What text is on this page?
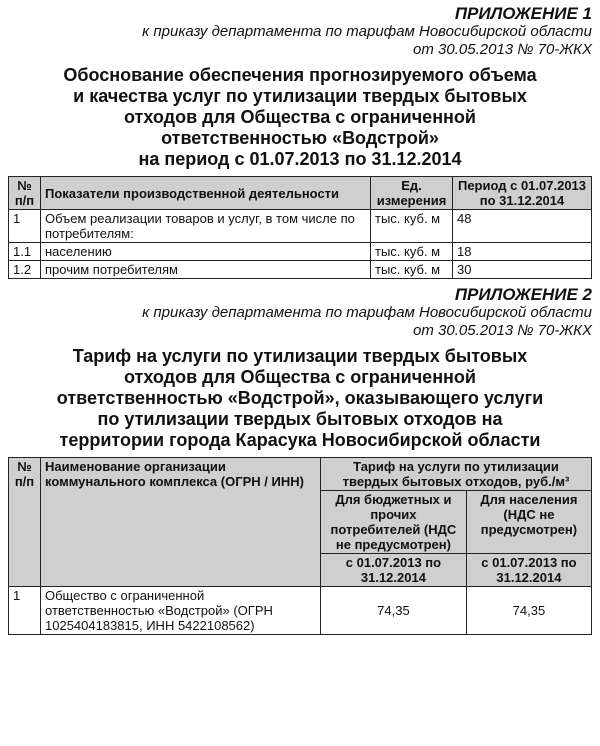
ПРИЛОЖЕНИЕ 1
к приказу департамента по тарифам Новосибирской области
от 30.05.2013 № 70-ЖКХ
Обоснование обеспечения прогнозируемого объема
и качества услуг по утилизации твердых бытовых
отходов для Общества с ограниченной
ответственностью «Водстрой»
на период с 01.07.2013 по 31.12.2014
№ п/п	Показатели производственной деятельности	Ед. измерения	Период с 01.07.2013 по 31.12.2014
1	Объем реализации товаров и услуг, в том числе по потребителям:	тыс. куб. м	48
1.1	населению	тыс. куб. м	18
1.2	прочим потребителям	тыс. куб. м	30
ПРИЛОЖЕНИЕ 2
к приказу департамента по тарифам Новосибирской области
от 30.05.2013 № 70-ЖКХ
Тариф на услуги по утилизации твердых бытовых
отходов для Общества с ограниченной
ответственностью «Водстрой», оказывающего услуги
по утилизации твердых бытовых отходов на
территории города Карасука Новосибирской области
№ п/п	Наименование организации коммунального комплекса (ОГРН / ИНН)	Тариф на услуги по утилизации твердых бытовых отходов, руб./м³	
		Для бюджетных и прочих потребителей (НДС не предусмотрен)	Для населения (НДС не предусмотрен)
		с 01.07.2013 по 31.12.2014	с 01.07.2013 по 31.12.2014
1	Общество с ограниченной ответственностью «Водстрой» (ОГРН 1025404183815, ИНН 5422108562)	74,35	74,35
